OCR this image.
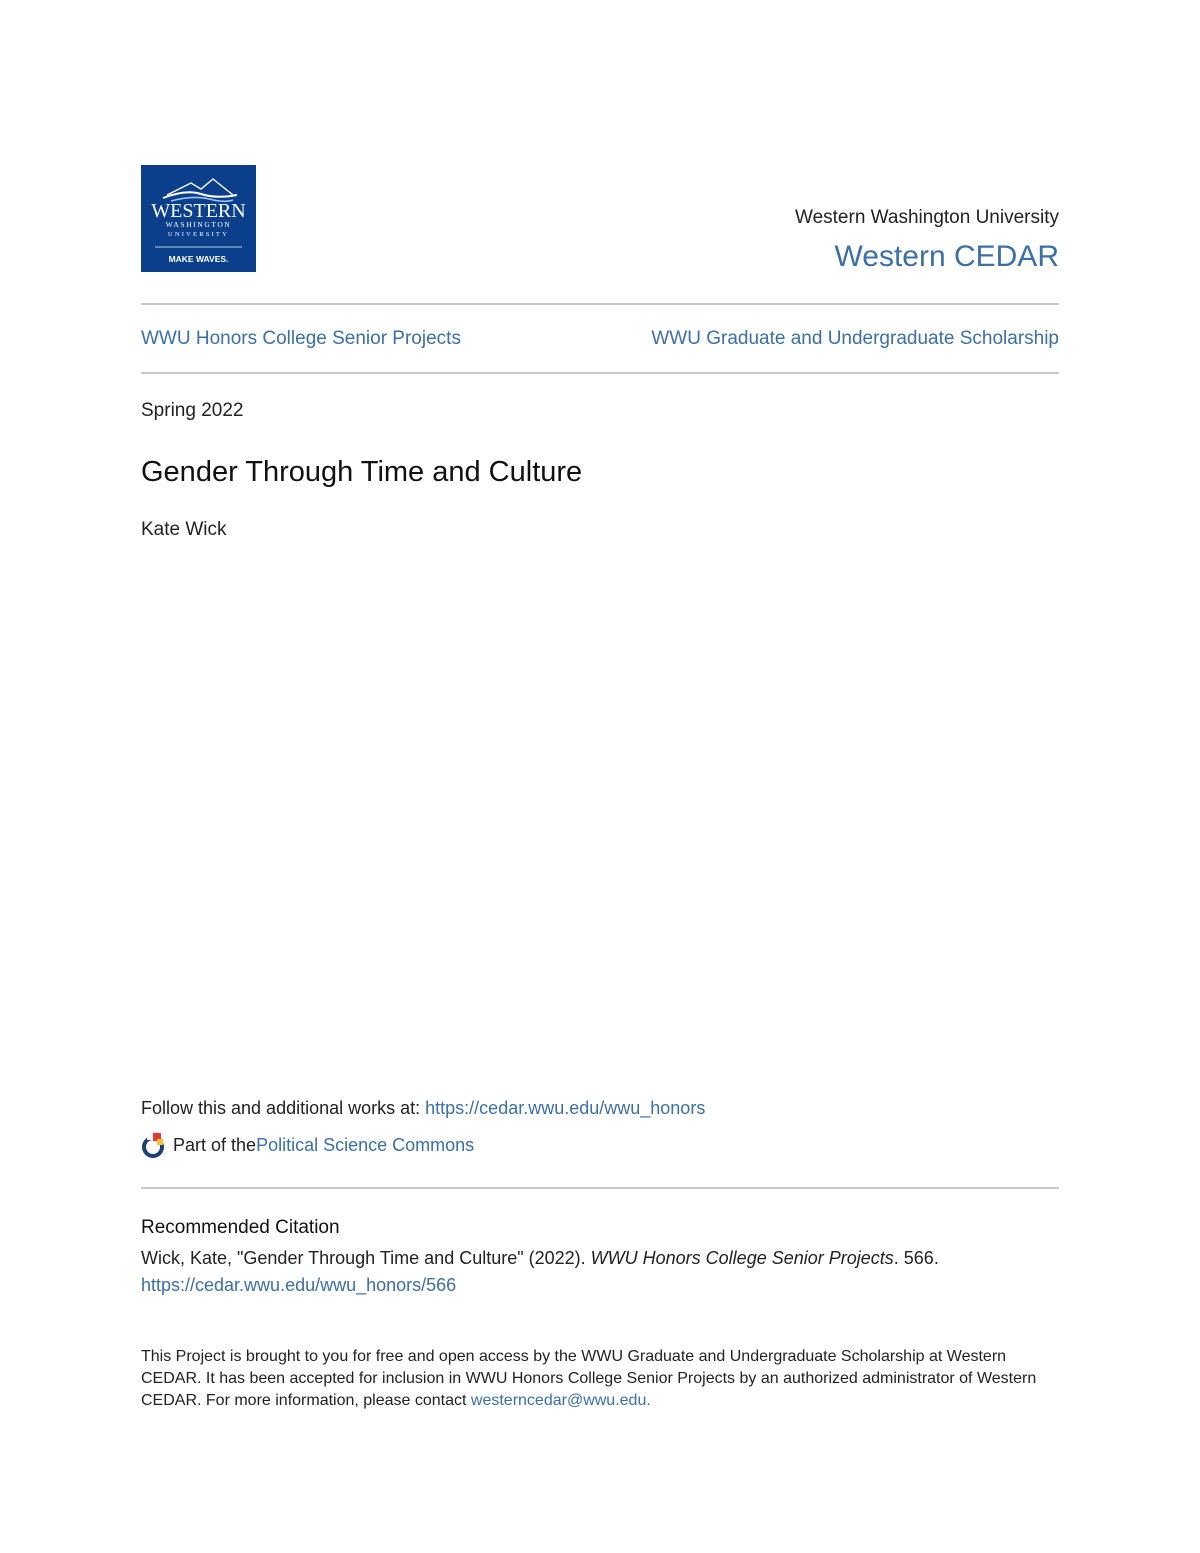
WESTERN
WASHINGTON
UNIVERSITY
MAKE WAVES.
Western Washington University
Western CEDAR
WWU Honors College Senior Projects	WWU Graduate and Undergraduate Scholarship
Spring 2022
Gender Through Time and Culture
Kate Wick
Follow this and additional works at: https://cedar.wwu.edu/wwu_honors
Part of the Political Science Commons
Recommended Citation
Wick, Kate, "Gender Through Time and Culture" (2022). WWU Honors College Senior Projects. 566.
https://cedar.wwu.edu/wwu_honors/566
This Project is brought to you for free and open access by the WWU Graduate and Undergraduate Scholarship at Western CEDAR. It has been accepted for inclusion in WWU Honors College Senior Projects by an authorized administrator of Western CEDAR. For more information, please contact westerncedar@wwu.edu.
